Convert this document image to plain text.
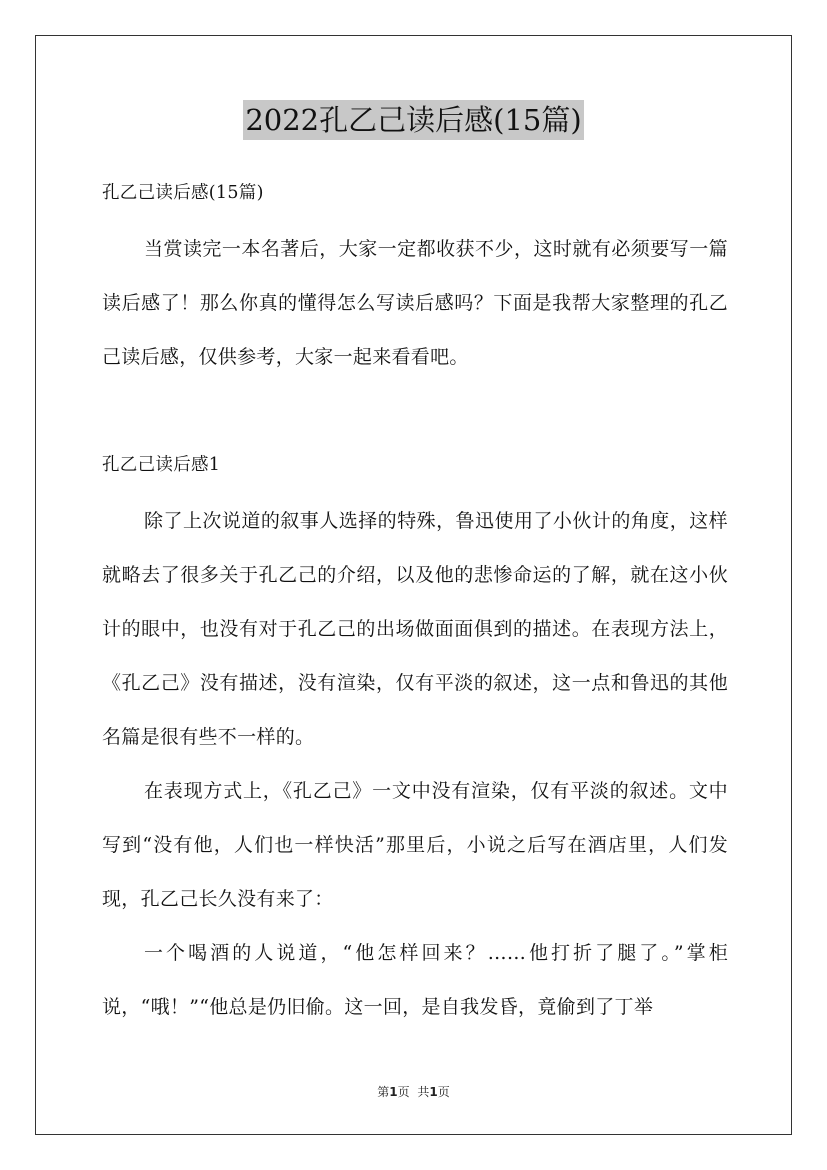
2022孔乙己读后感(15篇)

孔乙己读后感(15篇)

当赏读完一本名著后，大家一定都收获不少，这时就有必须要写一篇读后感了！那么你真的懂得怎么写读后感吗？下面是我帮大家整理的孔乙己读后感，仅供参考，大家一起来看看吧。

孔乙己读后感1

除了上次说道的叙事人选择的特殊，鲁迅使用了小伙计的角度，这样就略去了很多关于孔乙己的介绍，以及他的悲惨命运的了解，就在这小伙计的眼中，也没有对于孔乙己的出场做面面俱到的描述。在表现方法上，《孔乙己》没有描述，没有渲染，仅有平淡的叙述，这一点和鲁迅的其他名篇是很有些不一样的。

在表现方式上，《孔乙己》一文中没有渲染，仅有平淡的叙述。文中写到“没有他，人们也一样快活”那里后，小说之后写在酒店里，人们发现，孔乙己长久没有来了：

一个喝酒的人说道，“他怎样回来？……他打折了腿了。”掌柜说，“哦！”“他总是仍旧偷。这一回，是自我发昏，竟偷到了丁举

第1页 共1页
